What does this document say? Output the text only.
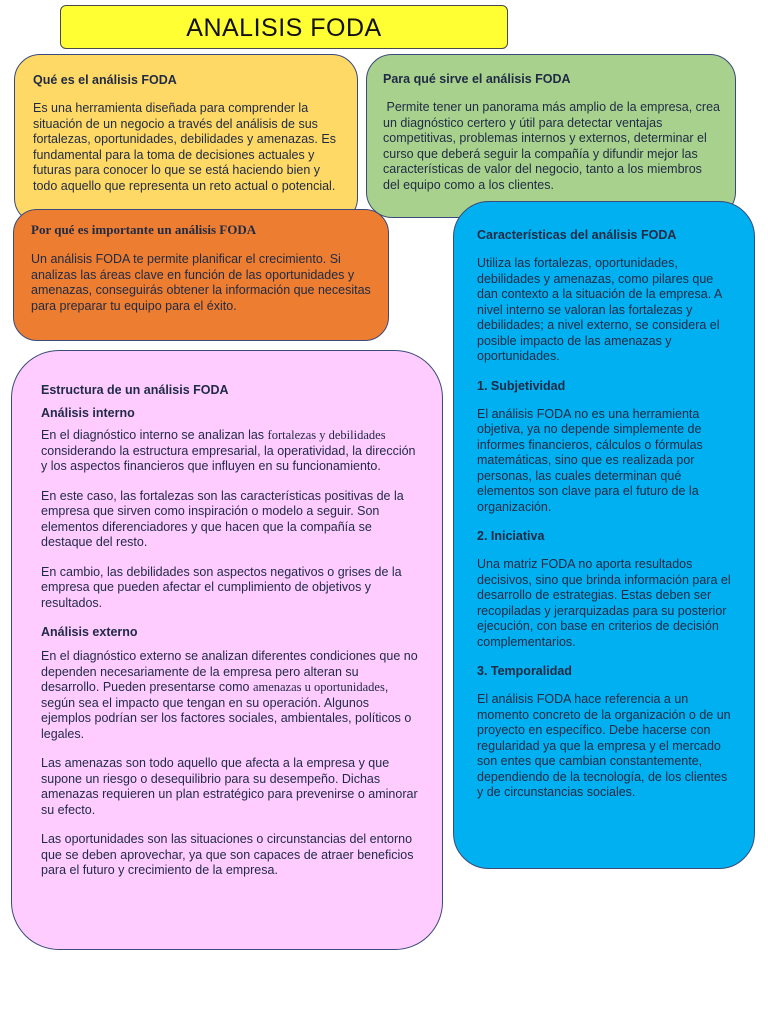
ANALISIS FODA
Qué es el análisis FODA

Es una herramienta diseñada para comprender la situación de un negocio a través del análisis de sus fortalezas, oportunidades, debilidades y amenazas. Es fundamental para la toma de decisiones actuales y futuras para conocer lo que se está haciendo bien y todo aquello que representa un reto actual o potencial.

Para qué sirve el análisis FODA

Permite tener un panorama más amplio de la empresa, crea un diagnóstico certero y útil para detectar ventajas competitivas, problemas internos y externos, determinar el curso que deberá seguir la compañía y difundir mejor las características de valor del negocio, tanto a los miembros del equipo como a los clientes.

Por qué es importante un análisis FODA

Un análisis FODA te permite planificar el crecimiento. Si analizas las áreas clave en función de las oportunidades y amenazas, conseguirás obtener la información que necesitas para preparar tu equipo para el éxito.

Características del análisis FODA

Utiliza las fortalezas, oportunidades, debilidades y amenazas, como pilares que dan contexto a la situación de la empresa. A nivel interno se valoran las fortalezas y debilidades; a nivel externo, se considera el posible impacto de las amenazas y oportunidades.

1. Subjetividad

El análisis FODA no es una herramienta objetiva, ya no depende simplemente de informes financieros, cálculos o fórmulas matemáticas, sino que es realizada por personas, las cuales determinan qué elementos son clave para el futuro de la organización.

2. Iniciativa

Una matriz FODA no aporta resultados decisivos, sino que brinda información para el desarrollo de estrategias. Estas deben ser recopiladas y jerarquizadas para su posterior ejecución, con base en criterios de decisión complementarios.

3. Temporalidad

El análisis FODA hace referencia a un momento concreto de la organización o de un proyecto en específico. Debe hacerse con regularidad ya que la empresa y el mercado son entes que cambian constantemente, dependiendo de la tecnología, de los clientes y de circunstancias sociales.

Estructura de un análisis FODA
Análisis interno

En el diagnóstico interno se analizan las fortalezas y debilidades considerando la estructura empresarial, la operatividad, la dirección y los aspectos financieros que influyen en su funcionamiento.

En este caso, las fortalezas son las características positivas de la empresa que sirven como inspiración o modelo a seguir. Son elementos diferenciadores y que hacen que la compañía se destaque del resto.

En cambio, las debilidades son aspectos negativos o grises de la empresa que pueden afectar el cumplimiento de objetivos y resultados.

Análisis externo

En el diagnóstico externo se analizan diferentes condiciones que no dependen necesariamente de la empresa pero alteran su desarrollo. Pueden presentarse como amenazas u oportunidades, según sea el impacto que tengan en su operación. Algunos ejemplos podrían ser los factores sociales, ambientales, políticos o legales.

Las amenazas son todo aquello que afecta a la empresa y que supone un riesgo o desequilibrio para su desempeño. Dichas amenazas requieren un plan estratégico para prevenirse o aminorar su efecto.

Las oportunidades son las situaciones o circunstancias del entorno que se deben aprovechar, ya que son capaces de atraer beneficios para el futuro y crecimiento de la empresa.
